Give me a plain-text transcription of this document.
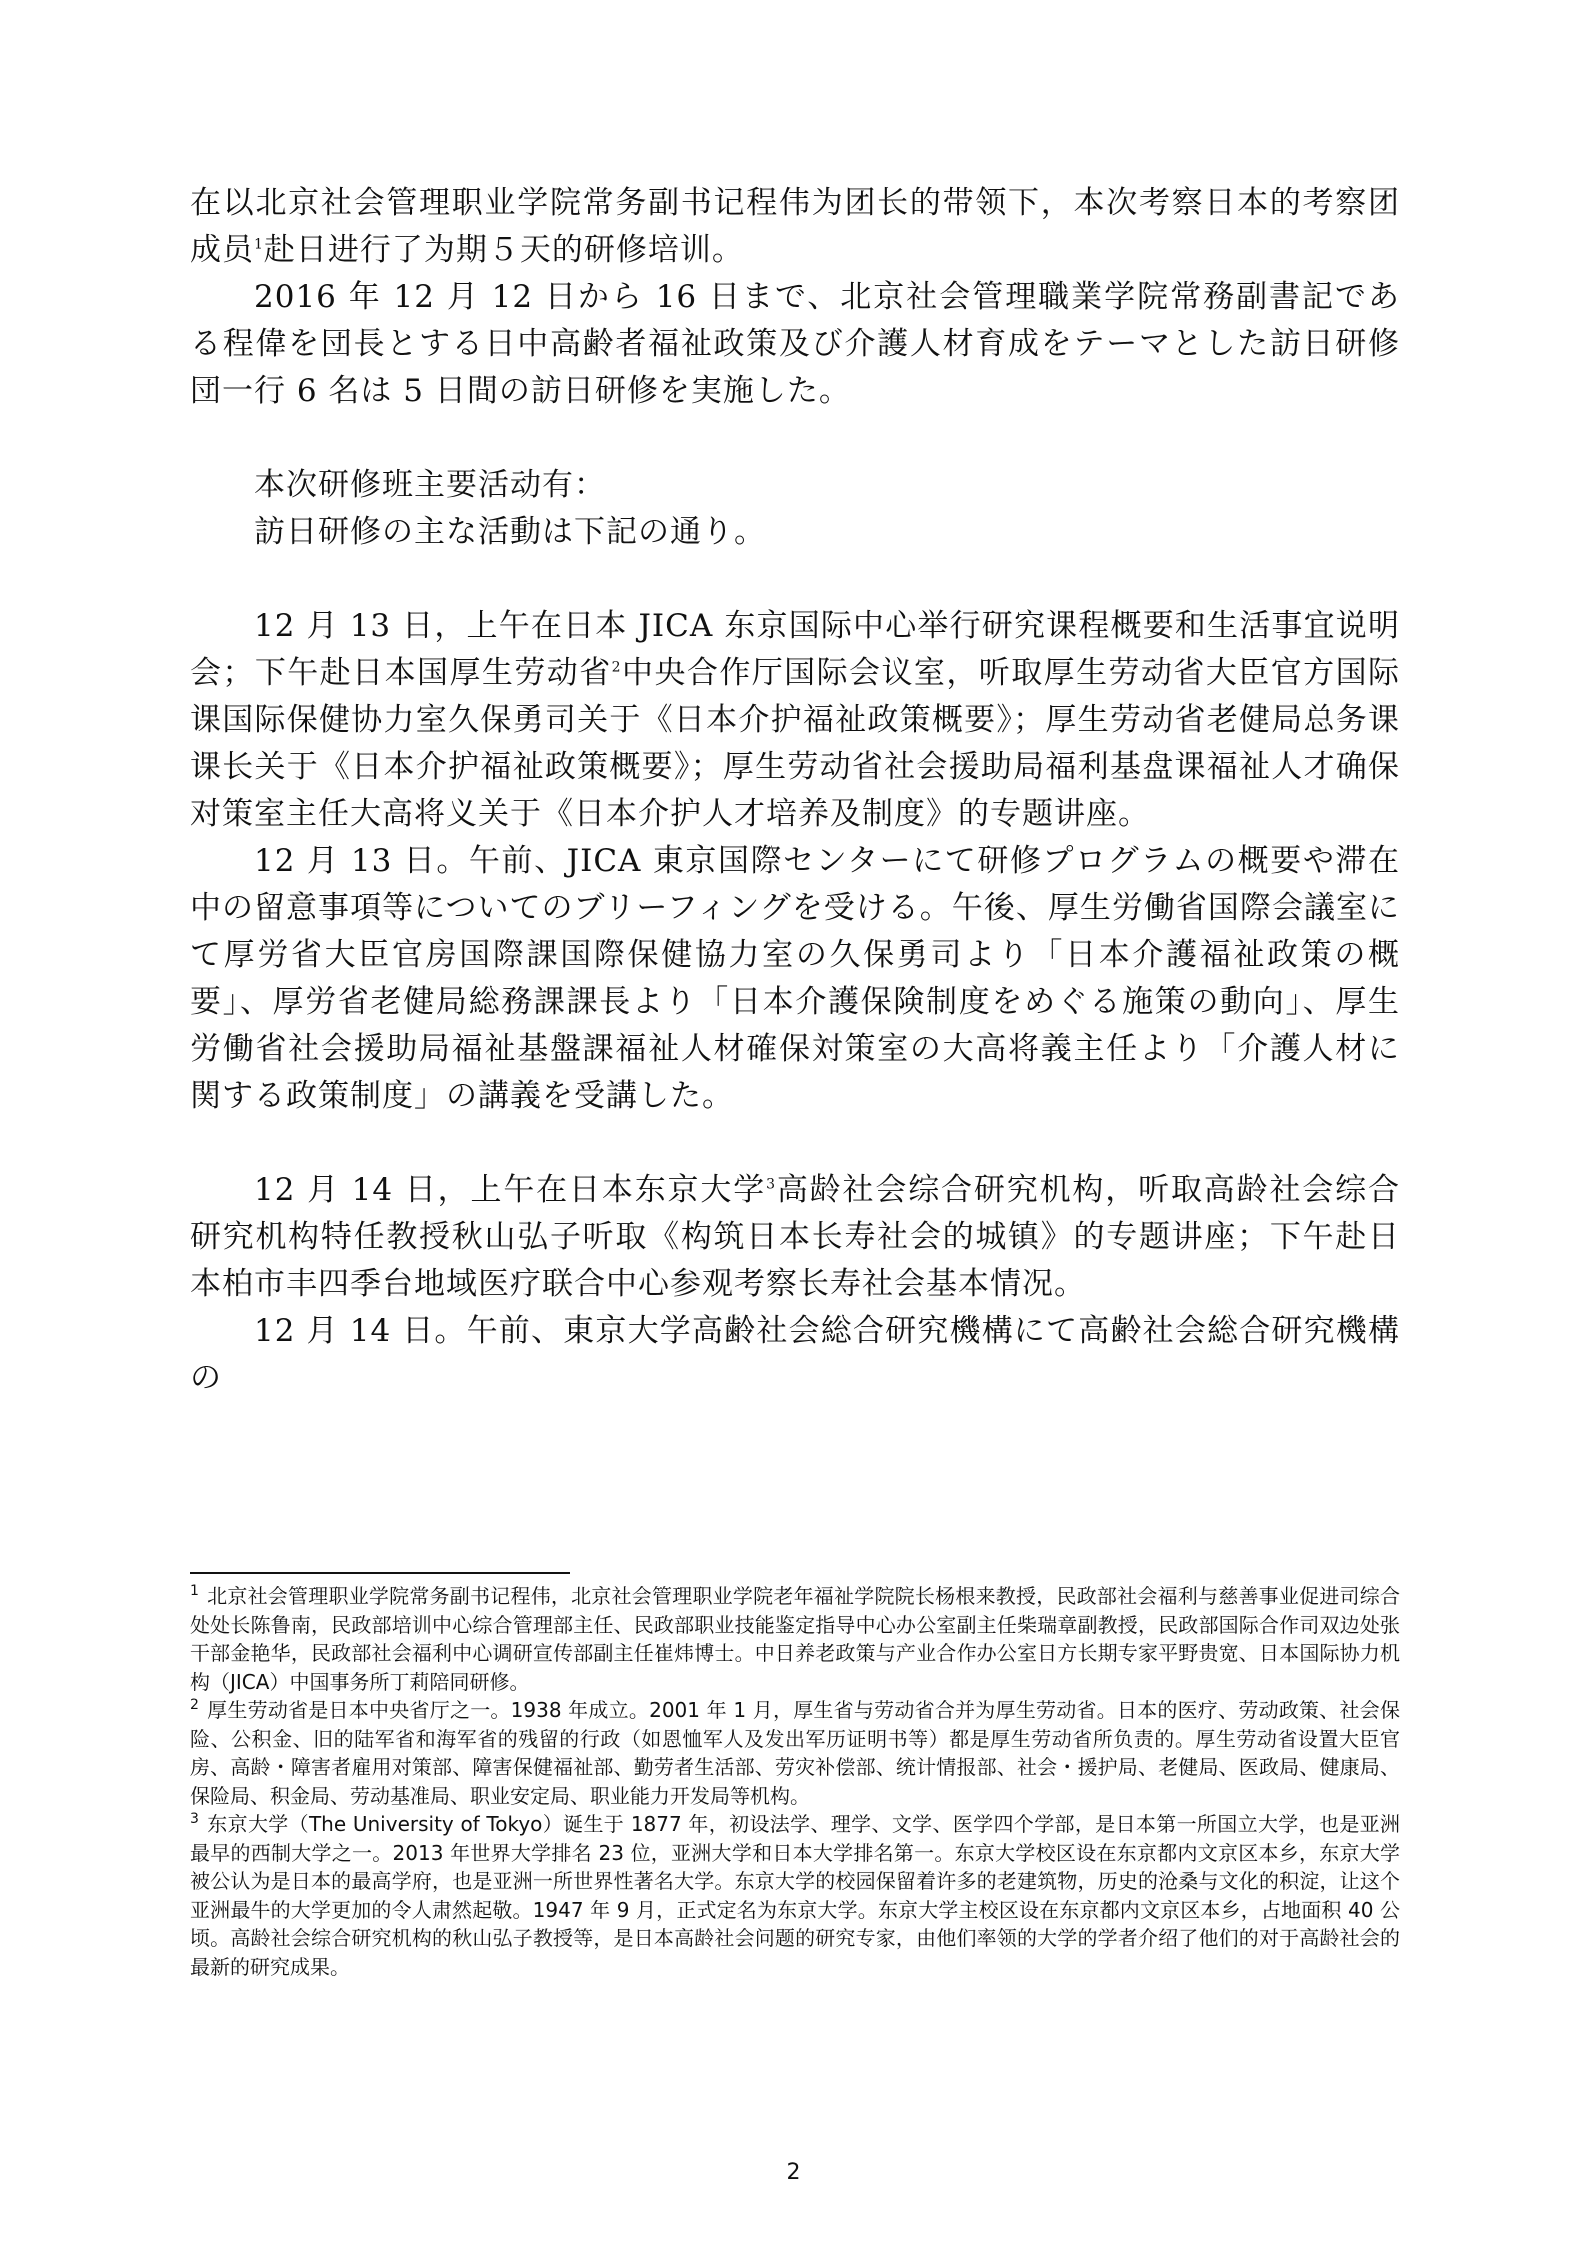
在以北京社会管理职业学院常务副书记程伟为团长的带领下，本次考察日本的考察团成员$^1$赴日进行了为期５天的研修培训。

2016 年 12 月 12 日から 16 日まで、北京社会管理職業学院常務副書記である程偉を団長とする日中高齢者福祉政策及び介護人材育成をテーマとした訪日研修団一行 6 名は 5 日間の訪日研修を実施した。

本次研修班主要活动有：

訪日研修の主な活動は下記の通り。

12 月 13 日，上午在日本 JICA 东京国际中心举行研究课程概要和生活事宜说明会；下午赴日本国厚生劳动省$^2$中央合作厅国际会议室，听取厚生劳动省大臣官方国际课国际保健协力室久保勇司关于《日本介护福祉政策概要》；厚生劳动省老健局总务课课长关于《日本介护福祉政策概要》；厚生劳动省社会援助局福利基盘课福祉人才确保对策室主任大高将义关于《日本介护人才培养及制度》的专题讲座。

12 月 13 日。午前、JICA 東京国際センターにて研修プログラムの概要や滞在中の留意事項等についてのブリーフィングを受ける。午後、厚生労働省国際会議室にて厚労省大臣官房国際課国際保健協力室の久保勇司より「日本介護福祉政策の概要」、厚労省老健局総務課課長より「日本介護保険制度をめぐる施策の動向」、厚生労働省社会援助局福祉基盤課福祉人材確保対策室の大高将義主任より「介護人材に関する政策制度」の講義を受講した。

12 月 14 日，上午在日本东京大学$^3$高龄社会综合研究机构，听取高龄社会综合研究机构特任教授秋山弘子听取《构筑日本长寿社会的城镇》的专题讲座；下午赴日本柏市丰四季台地域医疗联合中心参观考察长寿社会基本情况。

12 月 14 日。午前、東京大学高齢社会総合研究機構にて高齢社会総合研究機構の

$^1$ 北京社会管理职业学院常务副书记程伟，北京社会管理职业学院老年福祉学院院长杨根来教授，民政部社会福利与慈善事业促进司综合处处长陈鲁南，民政部培训中心综合管理部主任、民政部职业技能鉴定指导中心办公室副主任柴瑞章副教授，民政部国际合作司双边处张干部金艳华，民政部社会福利中心调研宣传部副主任崔炜博士。中日养老政策与产业合作办公室日方长期专家平野贵宽、日本国际协力机构（JICA）中国事务所丁莉陪同研修。

$^2$ 厚生劳动省是日本中央省厅之一。1938 年成立。2001 年 1 月，厚生省与劳动省合并为厚生劳动省。日本的医疗、劳动政策、社会保险、公积金、旧的陆军省和海军省的残留的行政（如恩恤军人及发出军历证明书等）都是厚生劳动省所负责的。厚生劳动省设置大臣官房、高龄・障害者雇用对策部、障害保健福祉部、勤劳者生活部、劳灾补偿部、统计情报部、社会・援护局、老健局、医政局、健康局、保险局、积金局、劳动基准局、职业安定局、职业能力开发局等机构。

$^3$ 东京大学（The University of Tokyo）诞生于 1877 年，初设法学、理学、文学、医学四个学部，是日本第一所国立大学，也是亚洲最早的西制大学之一。2013 年世界大学排名 23 位，亚洲大学和日本大学排名第一。东京大学校区设在东京都内文京区本乡，东京大学被公认为是日本的最高学府，也是亚洲一所世界性著名大学。东京大学的校园保留着许多的老建筑物，历史的沧桑与文化的积淀，让这个亚洲最牛的大学更加的令人肃然起敬。1947 年 9 月，正式定名为东京大学。东京大学主校区设在东京都内文京区本乡，占地面积 40 公顷。高龄社会综合研究机构的秋山弘子教授等，是日本高龄社会问题的研究专家，由他们率领的大学的学者介绍了他们的对于高龄社会的最新的研究成果。

2
